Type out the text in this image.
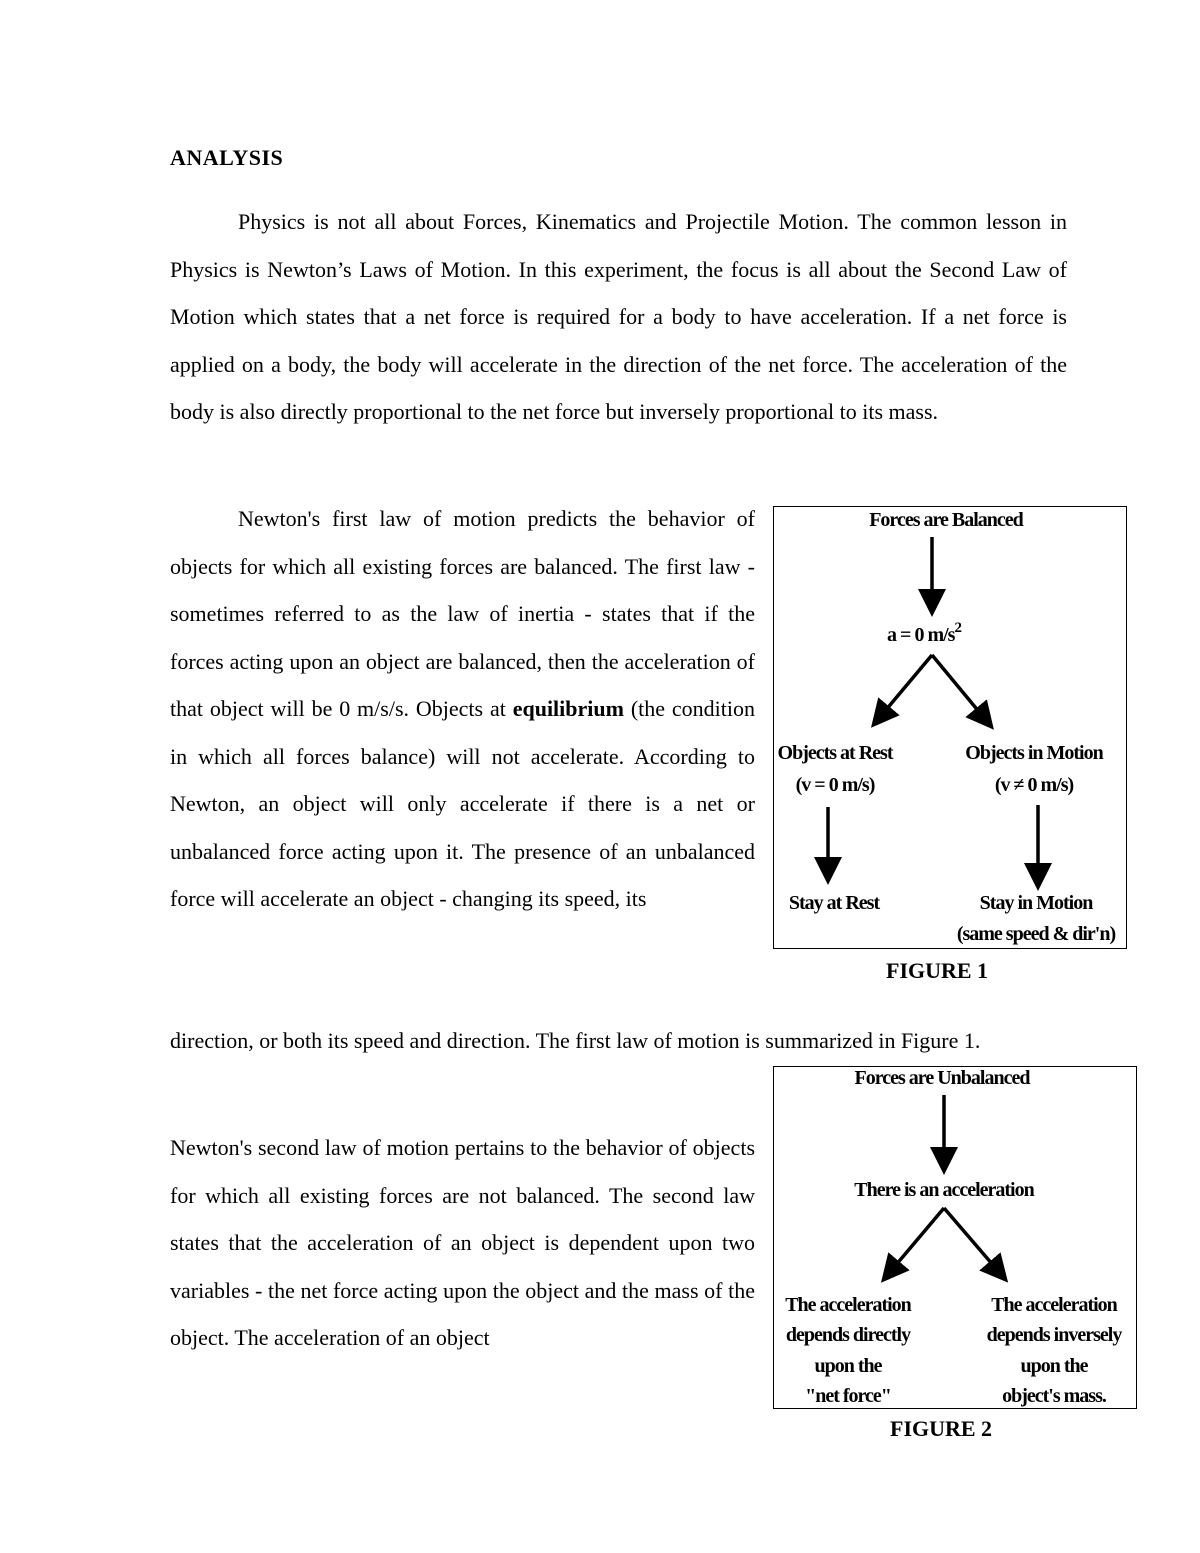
ANALYSIS

Physics is not all about Forces, Kinematics and Projectile Motion. The common lesson in Physics is Newton’s Laws of Motion. In this experiment, the focus is all about the Second Law of Motion which states that a net force is required for a body to have acceleration. If a net force is applied on a body, the body will accelerate in the direction of the net force. The acceleration of the body is also directly proportional to the net force but inversely proportional to its mass.

Newton's first law of motion predicts the behavior of objects for which all existing forces are balanced. The first law - sometimes referred to as the law of inertia - states that if the forces acting upon an object are balanced, then the acceleration of that object will be 0 m/s/s. Objects at equilibrium (the condition in which all forces balance) will not accelerate. According to Newton, an object will only accelerate if there is a net or unbalanced force acting upon it. The presence of an unbalanced force will accelerate an object - changing its speed, its

direction, or both its speed and direction. The first law of motion is summarized in Figure 1.

Newton's second law of motion pertains to the behavior of objects for which all existing forces are not balanced. The second law states that the acceleration of an object is dependent upon two variables - the net force acting upon the object and the mass of the object. The acceleration of an object

Forces are Balanced
a = 0 $m/s^2$
Objects at Rest
(v = 0 m/s)
Objects in Motion
(v ≠ 0 m/s)
Stay at Rest	Stay in Motion
(same speed & dir'n)
FIGURE 1
Forces are Unbalanced
There is an acceleration
The acceleration
depends directly
upon the
"net force"
The acceleration
depends inversely
upon the
object's mass.
FIGURE 2
